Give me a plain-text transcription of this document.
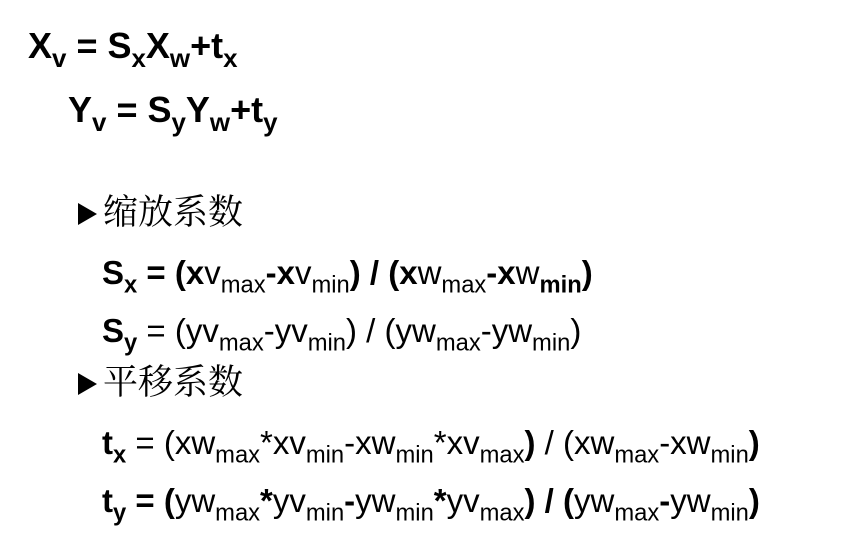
$X_v = S_xX_w+t_x$
$Y_v = S_yY_w+t_y$
缩放系数
$S_x = (xv_{max}-xv_{min}) / (xw_{max}-xw_{min})$
$S_y = (yv_{max}-yv_{min}) / (yw_{max}-yw_{min})$
平移系数
$t_x = (xw_{max}*xv_{min}-xw_{min}*xv_{max}) / (xw_{max}-xw_{min})$
$t_y = (yw_{max}*yv_{min}-yw_{min}*yv_{max}) / (yw_{max}-yw_{min})$
